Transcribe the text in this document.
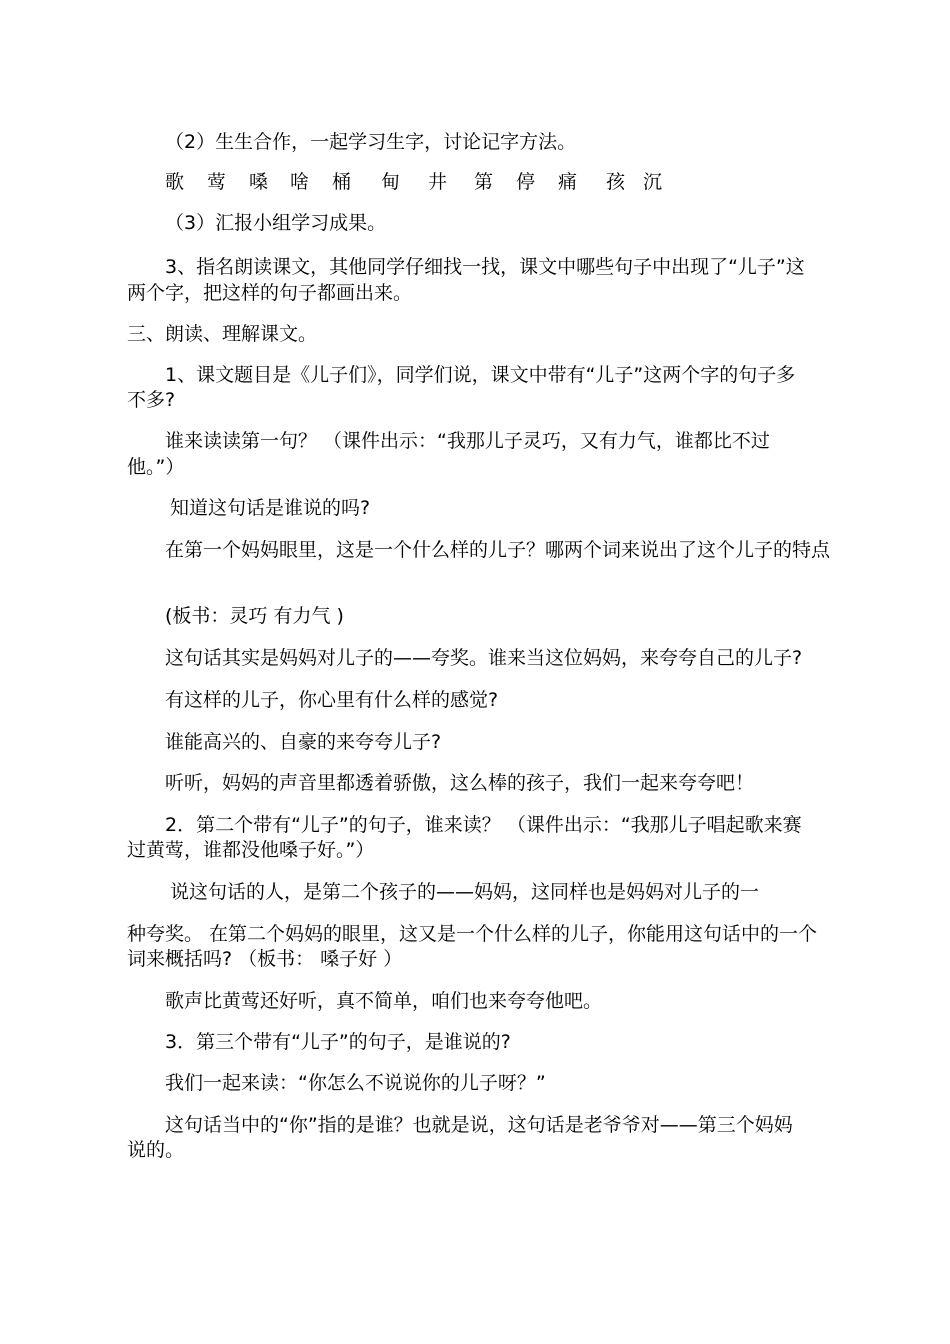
（2）生生合作，一起学习生字，讨论记字方法。

歌 莺 嗓 啥 桶 甸 井 第 停 痛 孩 沉

（3）汇报小组学习成果。

3、指名朗读课文，其他同学仔细找一找，课文中哪些句子中出现了“儿子”这

两个字，把这样的句子都画出来。

三、朗读、理解课文。

1、课文题目是《儿子们》，同学们说，课文中带有“儿子”这两个字的句子多

不多?

谁来读读第一句？ （课件出示：“我那儿子灵巧，又有力气，谁都比不过

他。”）

知道这句话是谁说的吗?

在第一个妈妈眼里，这是一个什么样的儿子？哪两个词来说出了这个儿子的特点

(板书：灵巧 有力气 )

这句话其实是妈妈对儿子的——夸奖。谁来当这位妈妈，来夸夸自己的儿子?

有这样的儿子，你心里有什么样的感觉?

谁能高兴的、自豪的来夸夸儿子?

听听，妈妈的声音里都透着骄傲，这么棒的孩子，我们一起来夸夸吧！

2．第二个带有“儿子”的句子，谁来读？ （课件出示：“我那儿子唱起歌来赛

过黄莺，谁都没他嗓子好。”）

说这句话的人，是第二个孩子的——妈妈，这同样也是妈妈对儿子的一

种夸奖。 在第二个妈妈的眼里，这又是一个什么样的儿子，你能用这句话中的一个

词来概括吗? （板书： 嗓子好 ）

歌声比黄莺还好听，真不简单，咱们也来夸夸他吧。

3．第三个带有“儿子”的句子，是谁说的?

我们一起来读：“你怎么不说说你的儿子呀？”

这句话当中的“你”指的是谁？也就是说，这句话是老爷爷对——第三个妈妈

说的。
